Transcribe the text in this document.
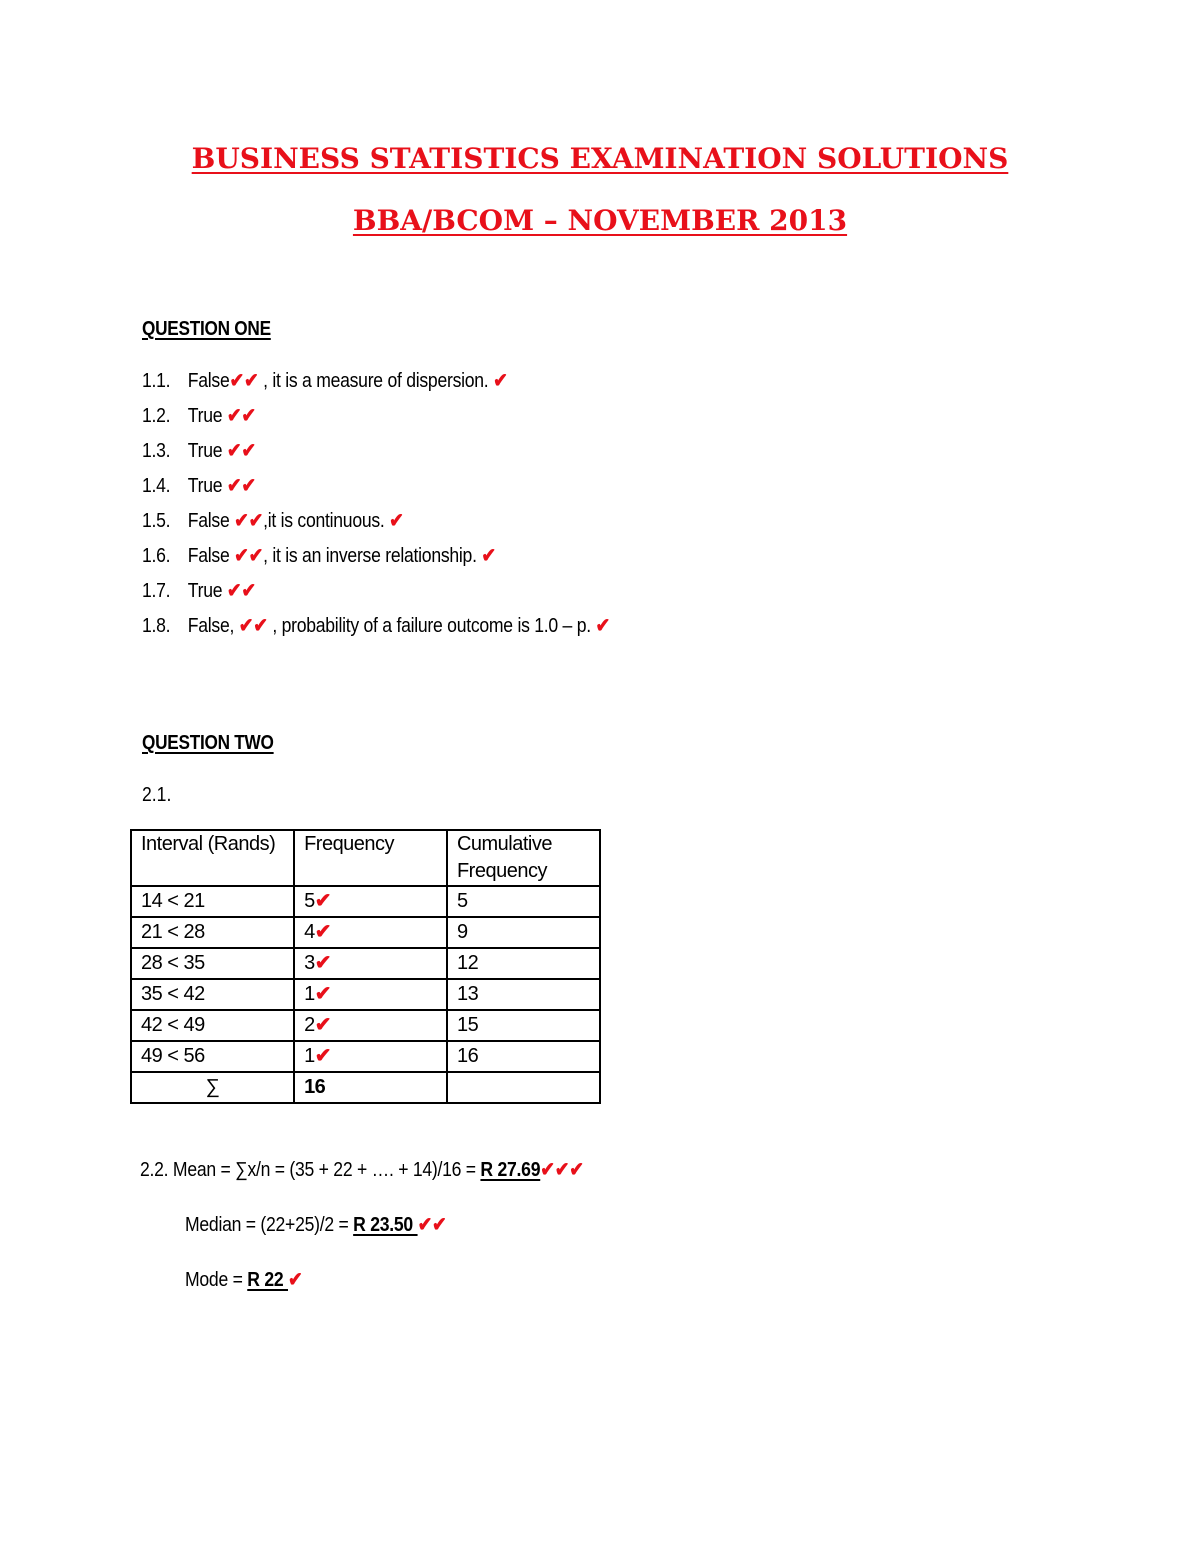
BUSINESS STATISTICS EXAMINATION SOLUTIONS
BBA/BCOM – NOVEMBER 2013
QUESTION ONE
1.1. False✔✔ , it is a measure of dispersion. ✔
1.2. True ✔✔
1.3. True ✔✔
1.4. True ✔✔
1.5. False ✔✔,it is continuous. ✔
1.6. False ✔✔, it is an inverse relationship. ✔
1.7. True ✔✔
1.8. False, ✔✔ , probability of a failure outcome is 1.0 – p. ✔
QUESTION TWO
2.1.
Interval (Rands)	Frequency	Cumulative Frequency
14 < 21	5✔	5
21 < 28	4✔	9
28 < 35	3✔	12
35 < 42	1✔	13
42 < 49	2✔	15
49 < 56	1✔	16
∑	16	
2.2. Mean = ∑x/n = (35 + 22 + …. + 14)/16 = R 27.69✔✔✔
Median = (22+25)/2 = R 23.50 ✔✔
Mode = R 22 ✔
